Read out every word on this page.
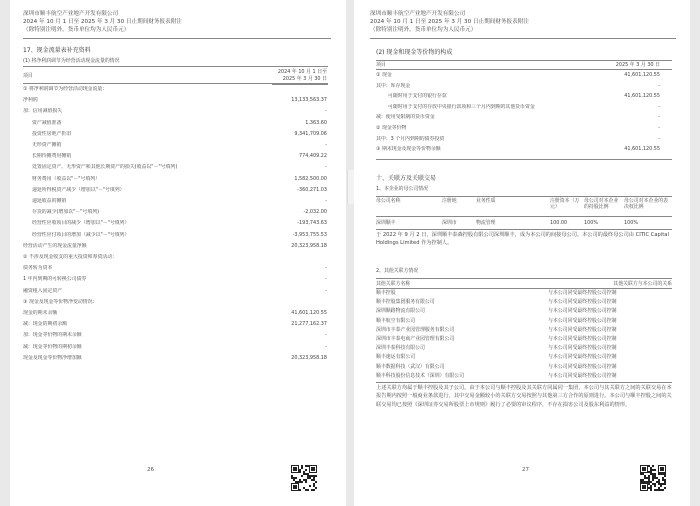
深圳市顺丰航空产业地产开发有限公司
2024 年 10 月 1 日至 2025 年 3 月 30 日止期间财务报表附注
（除特别注明外，货币单位均为人民币元）
17、现金流量表补充资料
(1) 将净利润调节为经营活动现金流量的情况
项目
2024 年 10 月 1 日至
2025 年 3 月 30 日
26
① 将净利润调节为经营活动现金流量：
净利润	13,133,563.37
加：信用减值损失	-
资产减值准备	1,363.60
投资性房地产折旧	9,341,709.06
无形资产摊销	-
长期待摊费用摊销	774,409.22
处置固定资产、无形资产和其他长期资产的损失(收益以"－"号填列)	-
财务费用（收益以"－"号填列）	1,582,500.00
递延所得税资产减少（增加以"－"号填列）	-360,271.03
递延收益的摊销	-
存货的减少(增加以"－"号填列)	-2,032.00
经营性应收项目的减少（增加以"－"号填列）	-193,743.63
经营性应付项目的增加（减少以"－"号填列）	-3,953,755.53
经营活动产生的现金流量净额	20,323,958.18
② 不涉及现金收支的重大投资和筹资活动：
债务转为资本	-
1 年内到期的可转换公司债券	-
融资租入固定资产	-
③ 现金及现金等价物净变动情况：
现金的期末余额	41,601,120.55
减：现金的期初余额	21,277,162.37
加：现金等价物的期末余额	-
减：现金等价物的期初余额	-
现金及现金等价物净增加额	20,323,958.18
深圳市顺丰航空产业地产开发有限公司
2024 年 10 月 1 日至 2025 年 3 月 30 日止期间财务报表附注
（除特别注明外，货币单位均为人民币元）
(2) 现金和现金等价物的构成
项目	2025 年 3 月 30 日
十、关联方及关联交易
1、本企业的母公司情况
于 2022 年 9 月 2 日，深圳顺丰泰森控股有限公司深圳顺丰，成为本公司的间接母公司。本公司的最终母公司由 CITIC Capital Holdings Limited 作为控制人。
2、其他关联方情况
上述关联方均属于顺丰控股及其子公司。由于本公司与顺丰控股及其关联方同属同一集团，本公司与其关联方之间的关联交易在本报告期内按照一般商业条款进行，其中交易金额较小的关联方交易按照与其他第三方合作的原则进行。本公司与顺丰控股之间的关联交易均已按照《深圳证券交易所股票上市规则》履行了必要的审议程序，不存在损害公司及股东利益的情形。
27
① 现金	41,601,120.55
其中：库存现金	-
可随时用于支付的银行存款	41,601,120.55
可随时用于支付的存放中央银行款项和三个月内到期的其他货币资金	-
减：使用受限制的货币资金	-
② 现金等价物	-
其中：3 个月内到期的债券投资	-
③ 期末现金及现金等价物余额	41,601,120.55
母公司名称	注册地	业务性质	注册资本（万元）
母公司对本企业的持股比例
母公司对本企业的表决权比例
深圳顺丰	深圳市	物流管理	100.00	100%	100%
其他关联方名称	其他关联方与本公司的关系
顺丰控股	与本公司同受最终控股公司控制
顺丰控股集团服务有限公司	与本公司同受最终控股公司控制
深圳顺路物流有限公司	与本公司同受最终控股公司控制
顺丰航空有限公司	与本公司同受最终控股公司控制
深圳市丰泰产业园管理服务有限公司	与本公司同受最终控股公司控制
深圳市丰泰电商产业园管理有限公司	与本公司同受最终控股公司控制
深圳丰泰科技有限公司	与本公司同受最终控股公司控制
顺丰速运有限公司	与本公司同受最终控股公司控制
顺丰数据科技（武汉）有限公司	与本公司同受最终控股公司控制
顺丰科技股份信息技术（深圳）有限公司	与本公司同受最终控股公司控制
